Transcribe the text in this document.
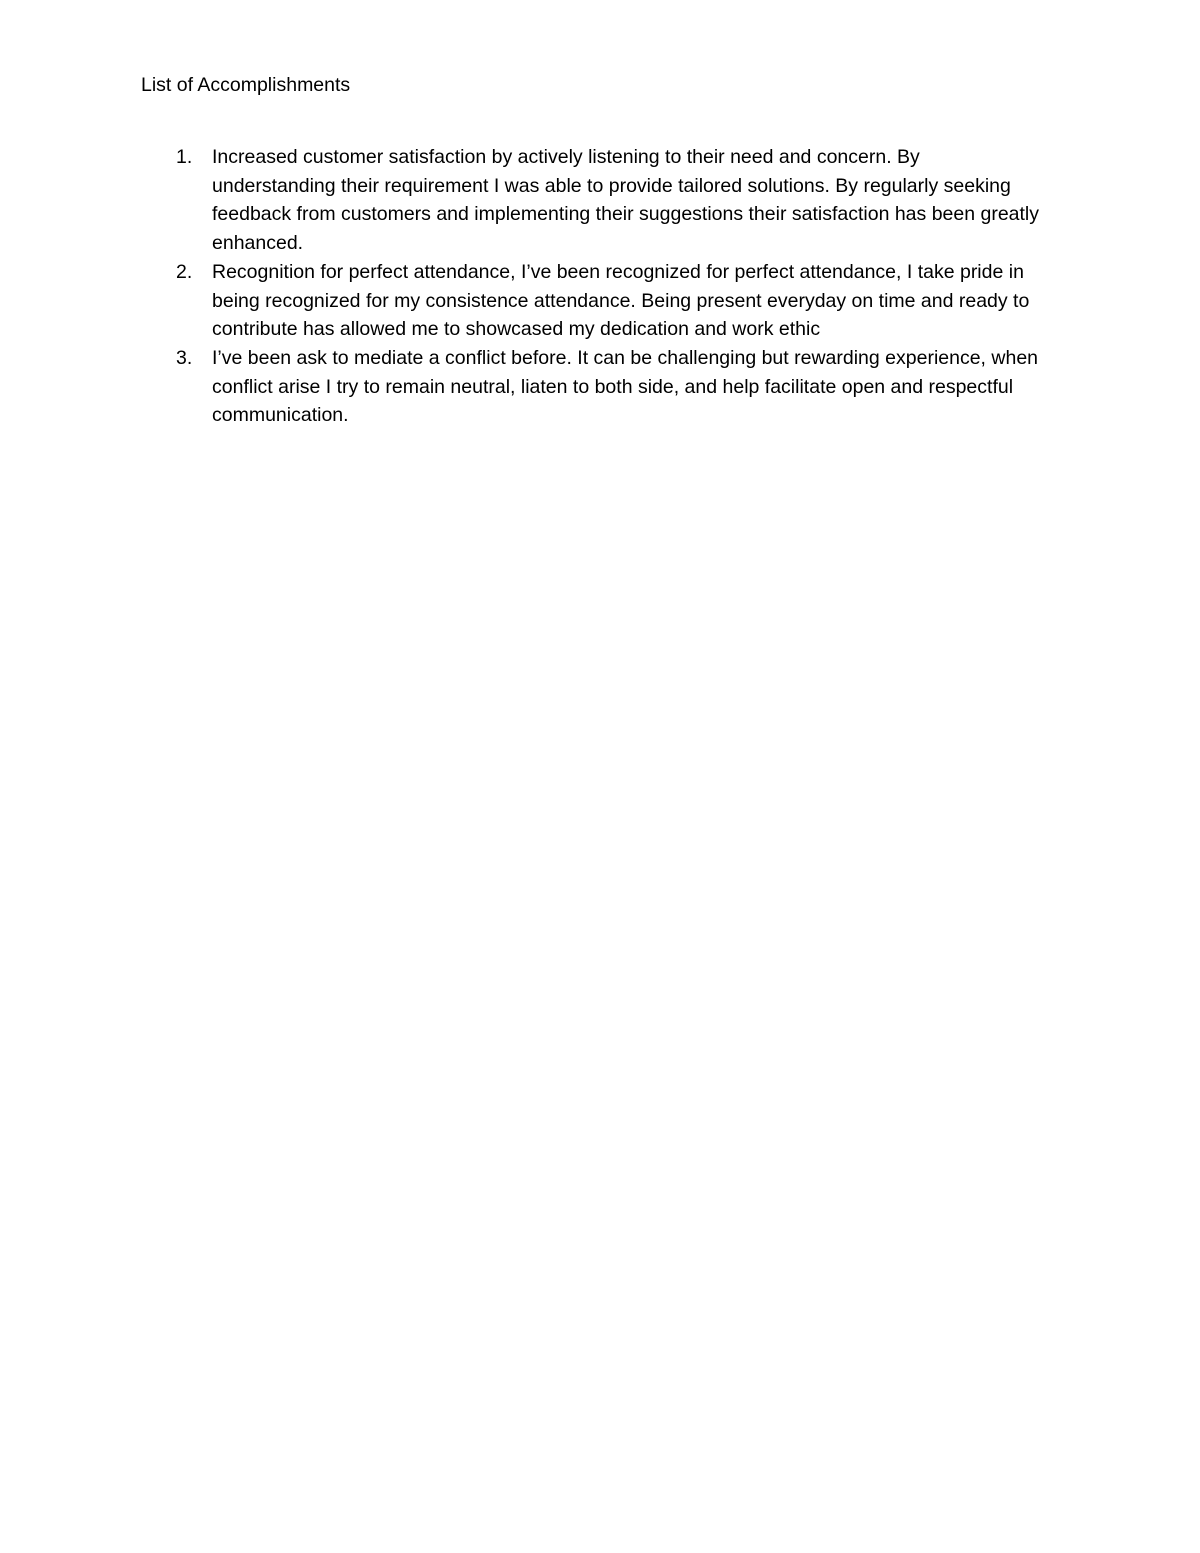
List of Accomplishments
1.	Increased customer satisfaction by actively listening to their need and concern. By understanding their requirement I was able to provide tailored solutions. By regularly seeking feedback from customers and implementing their suggestions their satisfaction has been greatly enhanced.
2.	Recognition for perfect attendance, I’ve been recognized for perfect attendance, I take pride in being recognized for my consistence attendance. Being present everyday on time and ready to contribute has allowed me to showcased my dedication and work ethic
3.	I’ve been ask to mediate a conflict before. It can be challenging but rewarding experience, when conflict arise I try to remain neutral, liaten to both side, and help facilitate open and respectful communication.
